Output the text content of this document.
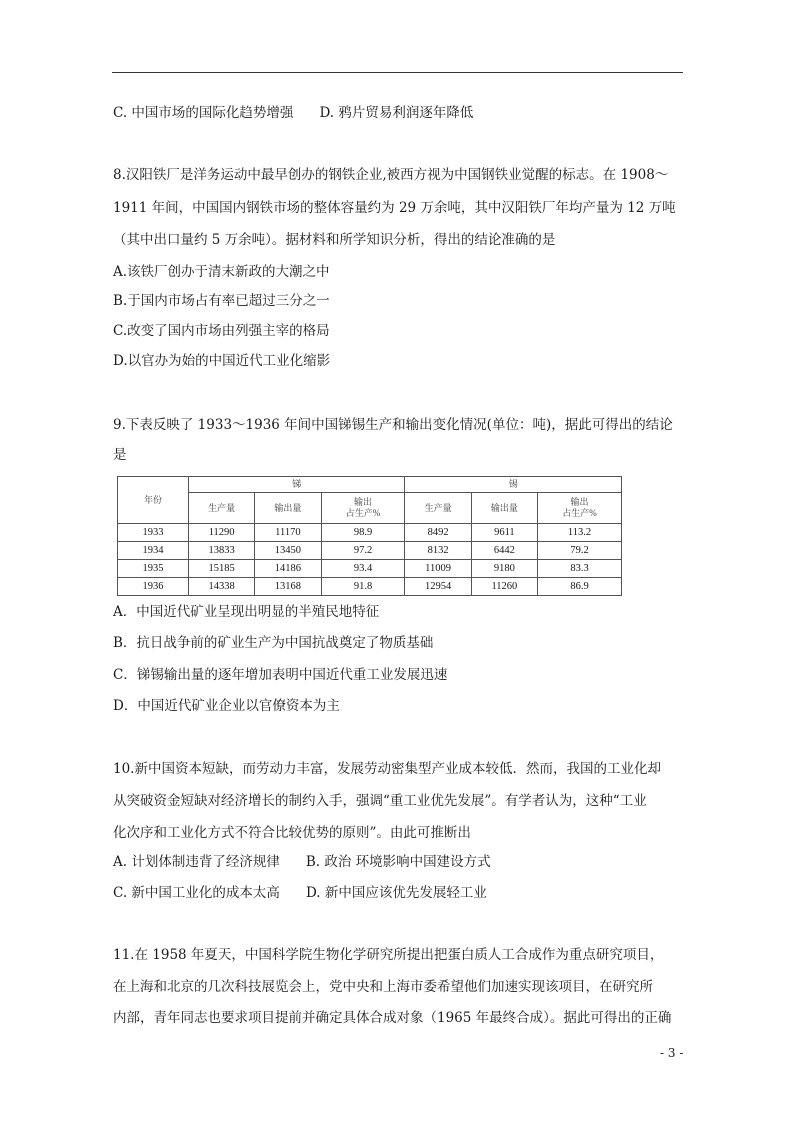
C. 中国市场的国际化趋势增强 D. 鸦片贸易利润逐年降低
8.汉阳铁厂是洋务运动中最早创办的钢铁企业,被西方视为中国钢铁业觉醒的标志。在 1908～
1911 年间，中国国内钢铁市场的整体容量约为 29 万余吨，其中汉阳铁厂年均产量为 12 万吨
（其中出口量约 5 万余吨）。据材料和所学知识分析，得出的结论准确的是
A.该铁厂创办于清末新政的大潮之中
B.于国内市场占有率已超过三分之一
C.改变了国内市场由列强主宰的格局
D.以官办为始的中国近代工业化缩影
9.下表反映了 1933～1936 年间中国锑锡生产和输出变化情况(单位：吨)，据此可得出的结论
是
年份	锑			锡		
	生产量	输出量	输出
占生产%	生产量	输出量	输出
占生产%
1933	11290	11170	98.9	8492	9611	113.2
1934	13833	13450	97.2	8132	6442	79.2
1935	15185	14186	93.4	11009	9180	83.3
1936	14338	13168	91.8	12954	11260	86.9
A．中国近代矿业呈现出明显的半殖民地特征
B．抗日战争前的矿业生产为中国抗战奠定了物质基础
C．锑锡输出量的逐年增加表明中国近代重工业发展迅速
D．中国近代矿业企业以官僚资本为主
10.新中国资本短缺，而劳动力丰富，发展劳动密集型产业成本较低．然而，我国的工业化却
从突破资金短缺对经济增长的制约入手，强调“重工业优先发展”。有学者认为，这种“工业
化次序和工业化方式不符合比较优势的原则”。由此可推断出
A. 计划体制违背了经济规律 B. 政治 环境影响中国建设方式
C. 新中国工业化的成本太高 D. 新中国应该优先发展轻工业
11.在 1958 年夏天，中国科学院生物化学研究所提出把蛋白质人工合成作为重点研究项目，
在上海和北京的几次科技展览会上，党中央和上海市委希望他们加速实现该项目，在研究所
内部，青年同志也要求项目提前并确定具体合成对象（1965 年最终合成）。据此可得出的正确
- 3 -
